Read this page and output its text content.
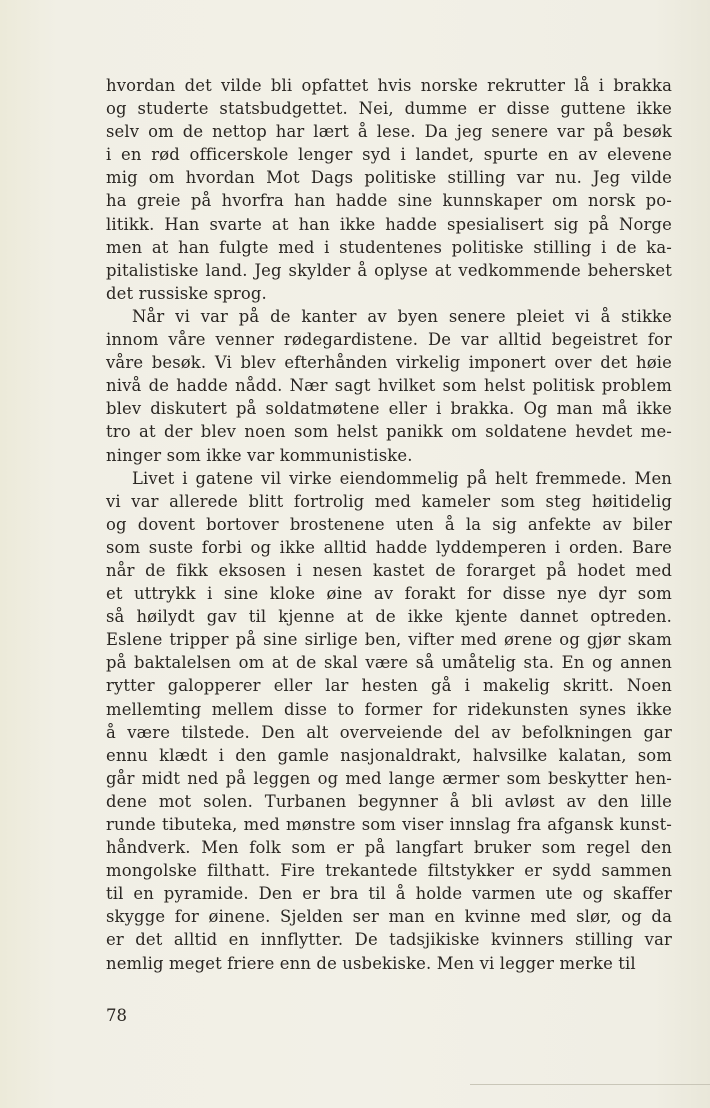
hvordan det vilde bli opfattet hvis norske rekrutter lå i brakka
og studerte statsbudgettet. Nei, dumme er disse guttene ikke
selv om de nettop har lært å lese. Da jeg senere var på besøk
i en rød officerskole lenger syd i landet, spurte en av elevene
mig om hvordan Mot Dags politiske stilling var nu. Jeg vilde
ha greie på hvorfra han hadde sine kunnskaper om norsk po-
litikk. Han svarte at han ikke hadde spesialisert sig på Norge
men at han fulgte med i studentenes politiske stilling i de ka-
pitalistiske land. Jeg skylder å oplyse at vedkommende behersket
det russiske sprog.
Når vi var på de kanter av byen senere pleiet vi å stikke
innom våre venner rødegardistene. De var alltid begeistret for
våre besøk. Vi blev efterhånden virkelig imponert over det høie
nivå de hadde nådd. Nær sagt hvilket som helst politisk problem
blev diskutert på soldatmøtene eller i brakka. Og man må ikke
tro at der blev noen som helst panikk om soldatene hevdet me-
ninger som ikke var kommunistiske.
Livet i gatene vil virke eiendommelig på helt fremmede. Men
vi var allerede blitt fortrolig med kameler som steg høitidelig
og dovent bortover brostenene uten å la sig anfekte av biler
som suste forbi og ikke alltid hadde lyddemperen i orden. Bare
når de fikk eksosen i nesen kastet de forarget på hodet med
et uttrykk i sine kloke øine av forakt for disse nye dyr som
så høilydt gav til kjenne at de ikke kjente dannet optreden.
Eslene tripper på sine sirlige ben, vifter med ørene og gjør skam
på baktalelsen om at de skal være så umåtelig sta. En og annen
rytter galopperer eller lar hesten gå i makelig skritt. Noen
mellemting mellem disse to former for ridekunsten synes ikke
å være tilstede. Den alt overveiende del av befolkningen gar
ennu klædt i den gamle nasjonaldrakt, halvsilke kalatan, som
går midt ned på leggen og med lange ærmer som beskytter hen-
dene mot solen. Turbanen begynner å bli avløst av den lille
runde tibuteka, med mønstre som viser innslag fra afgansk kunst-
håndverk. Men folk som er på langfart bruker som regel den
mongolske filthatt. Fire trekantede filtstykker er sydd sammen
til en pyramide. Den er bra til å holde varmen ute og skaffer
skygge for øinene. Sjelden ser man en kvinne med slør, og da
er det alltid en innflytter. De tadsjikiske kvinners stilling var
nemlig meget friere enn de usbekiske. Men vi legger merke til
78
